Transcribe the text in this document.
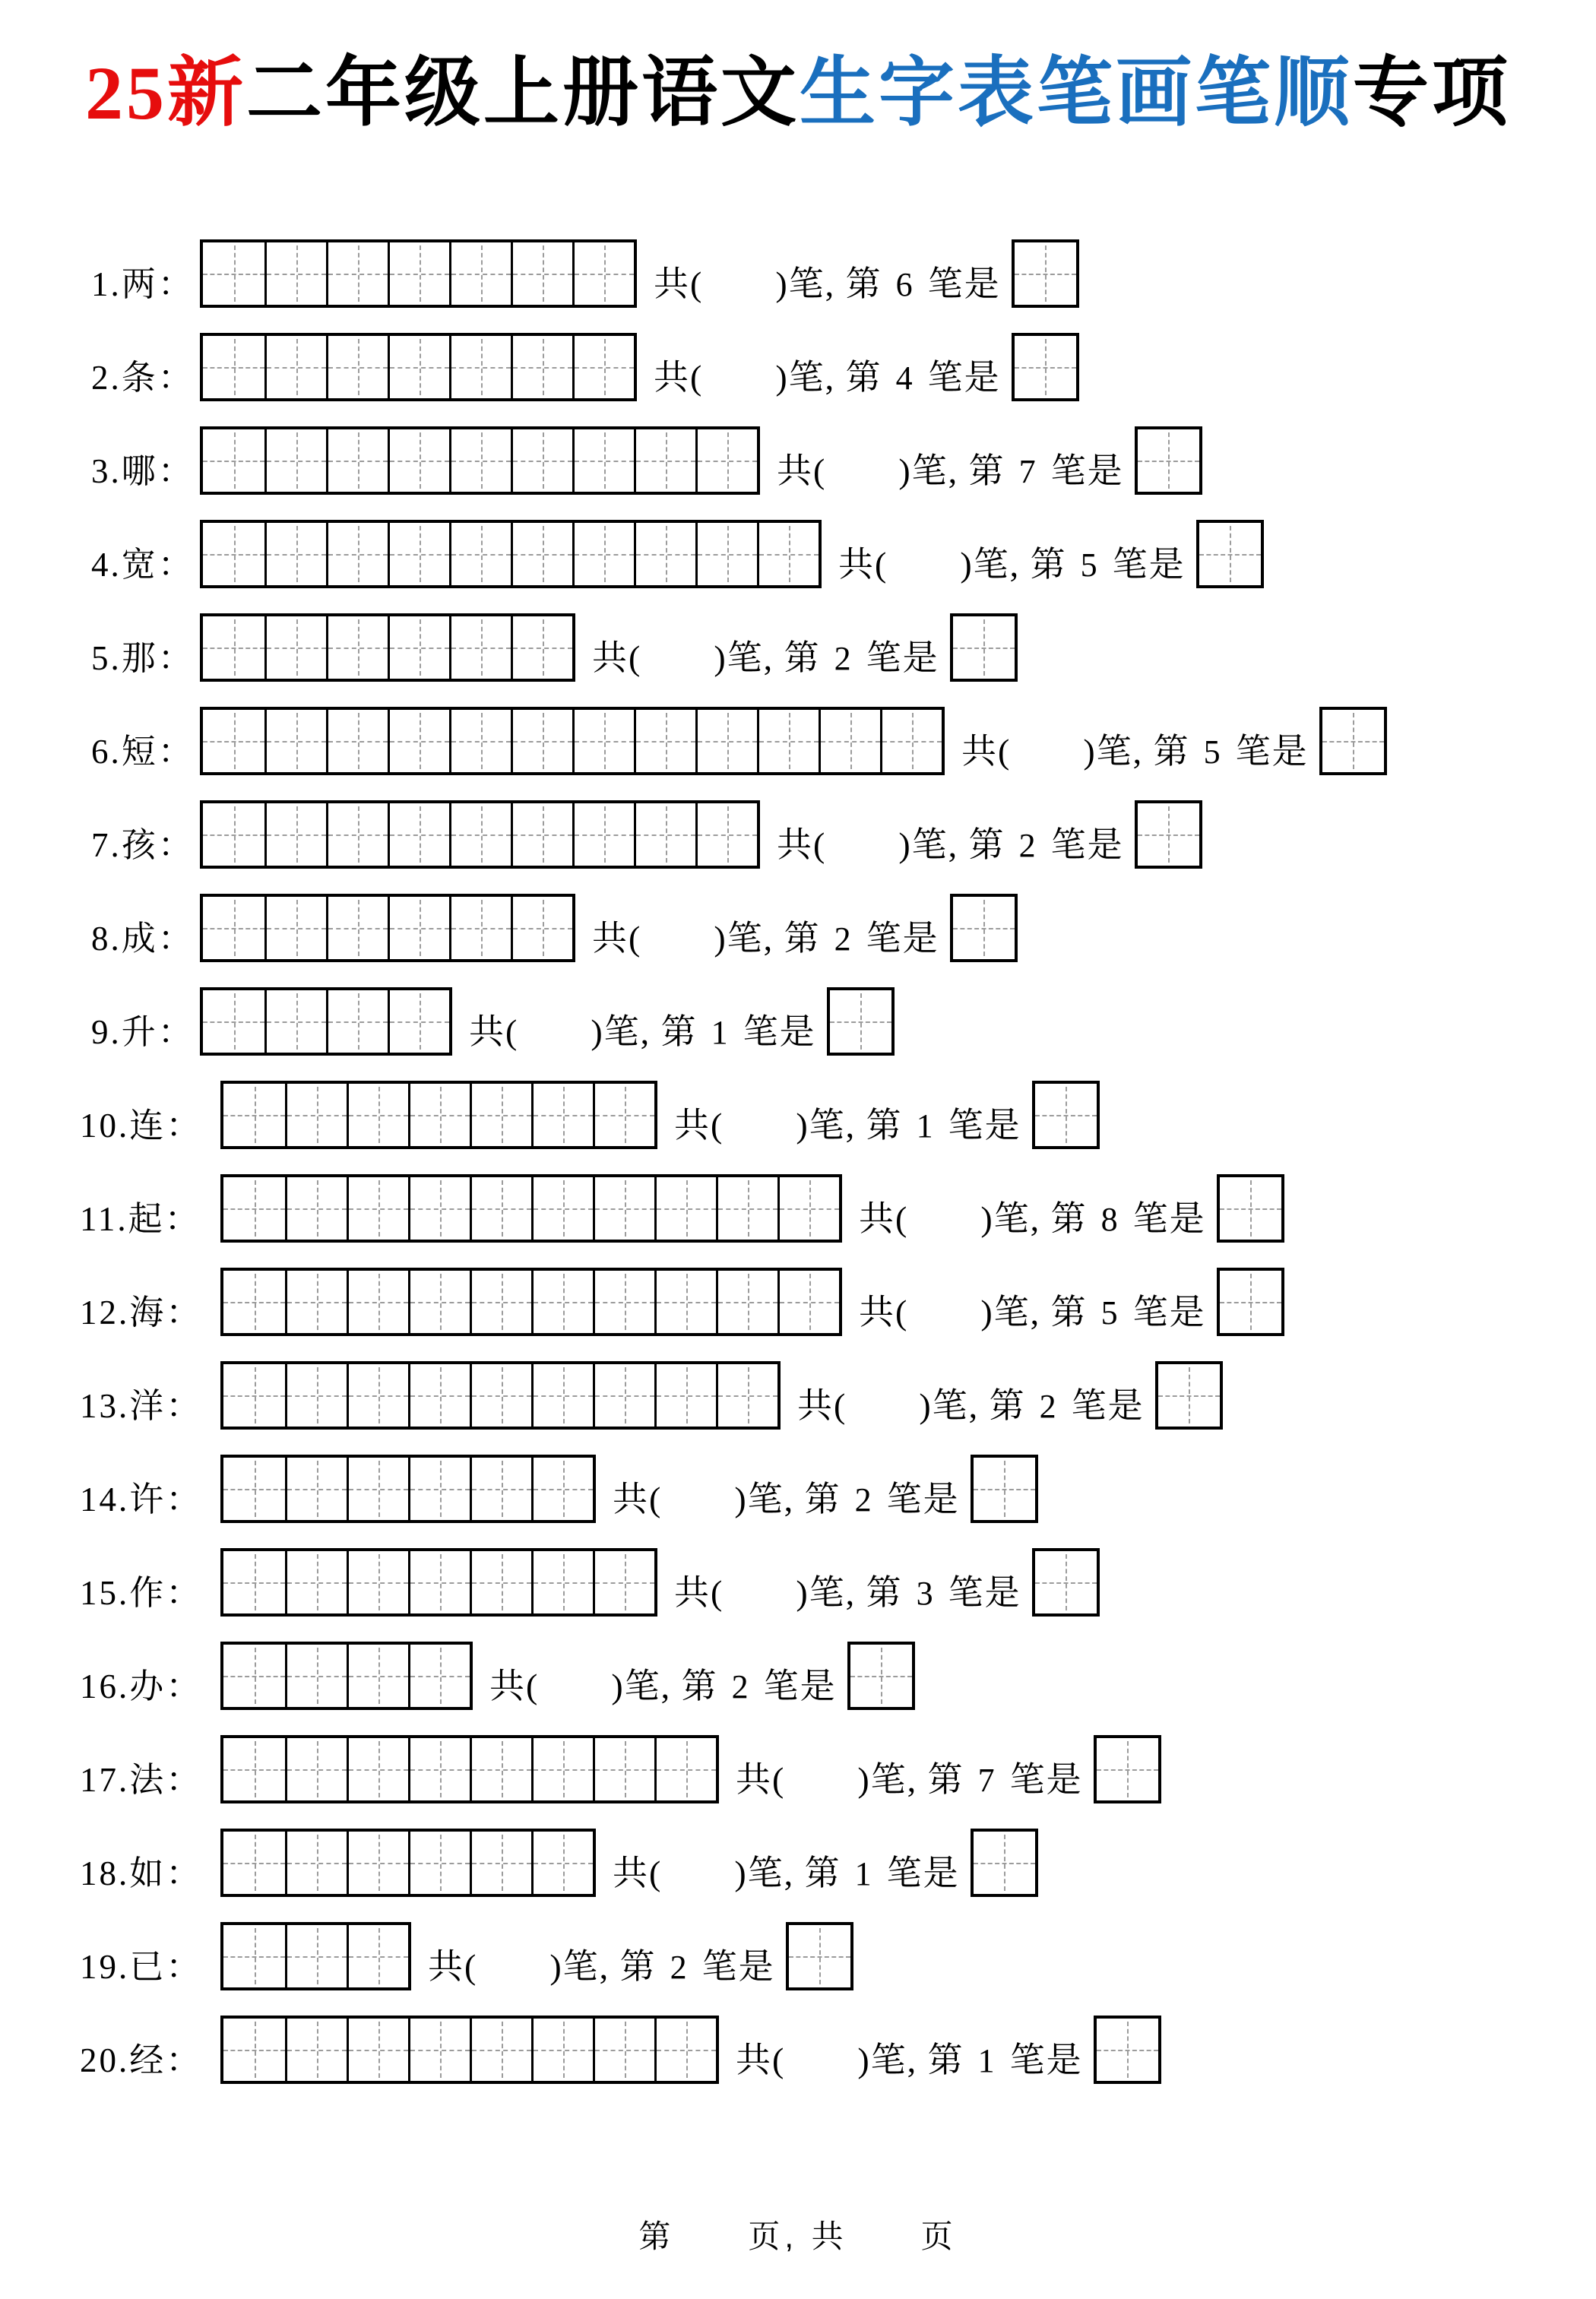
25新二年级上册语文生字表笔画笔顺专项
1.两：	共( )笔, 第 6 笔是
2.条：	共( )笔, 第 4 笔是
3.哪：	共( )笔, 第 7 笔是
4.宽：	共( )笔, 第 5 笔是
5.那：	共( )笔, 第 2 笔是
6.短：	共( )笔, 第 5 笔是
7.孩：	共( )笔, 第 2 笔是
8.成：	共( )笔, 第 2 笔是
9.升：	共( )笔, 第 1 笔是
10.连：	共( )笔, 第 1 笔是
11.起：	共( )笔, 第 8 笔是
12.海：	共( )笔, 第 5 笔是
13.洋：	共( )笔, 第 2 笔是
14.许：	共( )笔, 第 2 笔是
15.作：	共( )笔, 第 3 笔是
16.办：	共( )笔, 第 2 笔是
17.法：	共( )笔, 第 7 笔是
18.如：	共( )笔, 第 1 笔是
19.已：	共( )笔, 第 2 笔是
20.经：	共( )笔, 第 1 笔是
第　　页, 共　　页
